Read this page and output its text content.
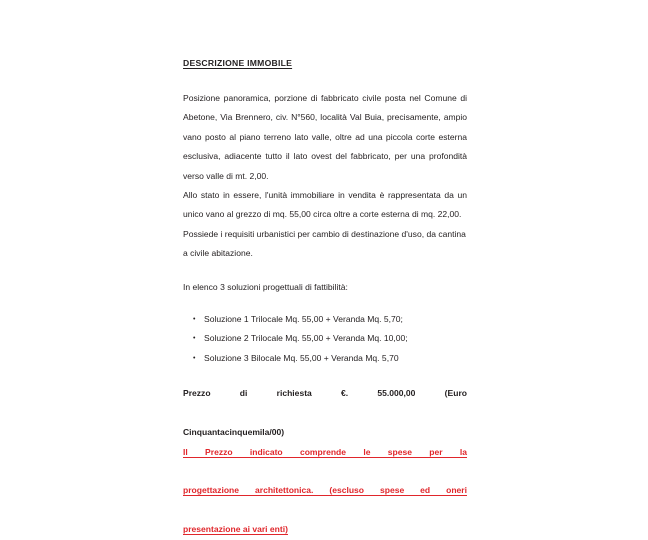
DESCRIZIONE IMMOBILE

Posizione panoramica, porzione di fabbricato civile posta nel Comune di Abetone, Via Brennero, civ. N°560, località Val Buia, precisamente, ampio vano posto al piano terreno lato valle, oltre ad una piccola corte esterna esclusiva, adiacente tutto il lato ovest del fabbricato, per una profondità verso valle di mt. 2,00.

Allo stato in essere, l'unità immobiliare in vendita è rappresentata da un unico vano al grezzo di mq. 55,00 circa oltre a corte esterna di mq. 22,00.

Possiede i requisiti urbanistici per cambio di destinazione d'uso, da cantina a civile abitazione.

In elenco 3 soluzioni progettuali di fattibilità:

• Soluzione 1 Trilocale Mq. 55,00 + Veranda Mq. 5,70;
• Soluzione 2 Trilocale Mq. 55,00 + Veranda Mq. 10,00;
• Soluzione 3 Bilocale Mq. 55,00 + Veranda Mq. 5,70

Prezzo di richiesta €. 55.000,00 (Euro
Cinquantacinquemila/00)

Il Prezzo indicato comprende le spese per laprogettazione architettonica. (escluso spese ed oneri
presentazione ai vari enti)
